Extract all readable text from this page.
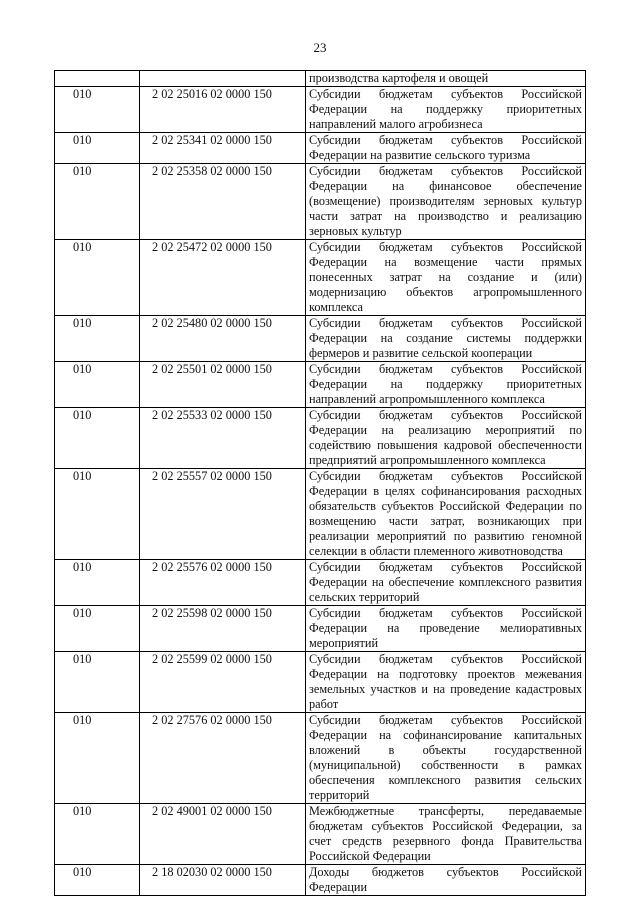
23
		производства картофеля и овощей
010	2 02 25016 02 0000 150	Субсидии бюджетам субъектов Российской Федерации на поддержку приоритетных направлений малого агробизнеса
010	2 02 25341 02 0000 150	Субсидии бюджетам субъектов Российской Федерации на развитие сельского туризма
010	2 02 25358 02 0000 150	Субсидии бюджетам субъектов Российской Федерации на финансовое обеспечение (возмещение) производителям зерновых культур части затрат на производство и реализацию зерновых культур
010	2 02 25472 02 0000 150	Субсидии бюджетам субъектов Российской Федерации на возмещение части прямых понесенных затрат на создание и (или) модернизацию объектов агропромышленного комплекса
010	2 02 25480 02 0000 150	Субсидии бюджетам субъектов Российской Федерации на создание системы поддержки фермеров и развитие сельской кооперации
010	2 02 25501 02 0000 150	Субсидии бюджетам субъектов Российской Федерации на поддержку приоритетных направлений агропромышленного комплекса
010	2 02 25533 02 0000 150	Субсидии бюджетам субъектов Российской Федерации на реализацию мероприятий по содействию повышения кадровой обеспеченности предприятий агропромышленного комплекса
010	2 02 25557 02 0000 150	Субсидии бюджетам субъектов Российской Федерации в целях софинансирования расходных обязательств субъектов Российской Федерации по возмещению части затрат, возникающих при реализации мероприятий по развитию геномной селекции в области племенного животноводства
010	2 02 25576 02 0000 150	Субсидии бюджетам субъектов Российской Федерации на обеспечение комплексного развития сельских территорий
010	2 02 25598 02 0000 150	Субсидии бюджетам субъектов Российской Федерации на проведение мелиоративных мероприятий
010	2 02 25599 02 0000 150	Субсидии бюджетам субъектов Российской Федерации на подготовку проектов межевания земельных участков и на проведение кадастровых работ
010	2 02 27576 02 0000 150	Субсидии бюджетам субъектов Российской Федерации на софинансирование капитальных вложений в объекты государственной (муниципальной) собственности в рамках обеспечения комплексного развития сельских территорий
010	2 02 49001 02 0000 150	Межбюджетные трансферты, передаваемые бюджетам субъектов Российской Федерации, за счет средств резервного фонда Правительства Российской Федерации
010	2 18 02030 02 0000 150	Доходы бюджетов субъектов Российской Федерации
